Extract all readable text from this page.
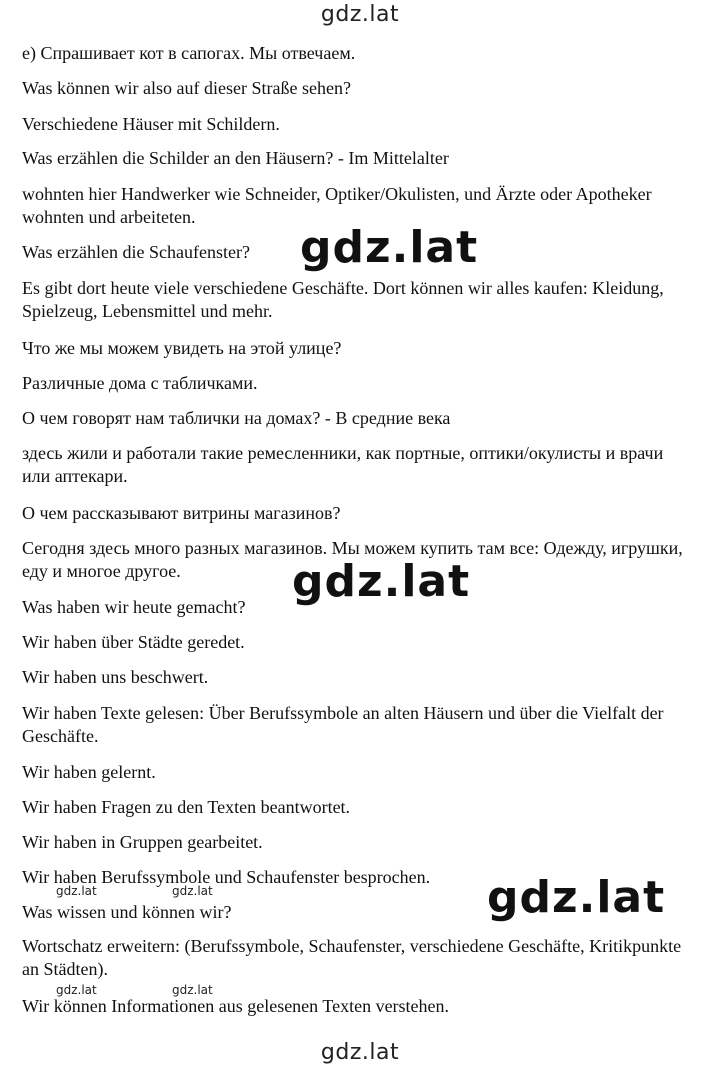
gdz.lat

е) Спрашивает кот в сапогах. Мы отвечаем.

Was können wir also auf dieser Straße sehen?

Verschiedene Häuser mit Schildern.

Was erzählen die Schilder an den Häusern? - Im Mittelalter

wohnten hier Handwerker wie Schneider, Optiker/Okulisten, und Ärzte oder Apotheker wohnten und arbeiteten.

Was erzählen die Schaufenster?

Es gibt dort heute viele verschiedene Geschäfte. Dort können wir alles kaufen: Kleidung, Spielzeug, Lebensmittel und mehr.

Что же мы можем увидеть на этой улице?

Различные дома с табличками.

О чем говорят нам таблички на домах? - В средние века

здесь жили и работали такие ремесленники, как портные, оптики/окулисты и врачи или аптекари.

О чем рассказывают витрины магазинов?

Сегодня здесь много разных магазинов. Мы можем купить там все: Одежду, игрушки, еду и многое другое.

Was haben wir heute gemacht?

Wir haben über Städte geredet.

Wir haben uns beschwert.

Wir haben Texte gelesen: Über Berufssymbole an alten Häusern und über die Vielfalt der Geschäfte.

Wir haben gelernt.

Wir haben Fragen zu den Texten beantwortet.

Wir haben in Gruppen gearbeitet.

Wir haben Berufssymbole und Schaufenster besprochen.

Was wissen und können wir?

Wortschatz erweitern: (Berufssymbole, Schaufenster, verschiedene Geschäfte, Kritikpunkte an Städten).

Wir können Informationen aus gelesenen Texten verstehen.

gdz.lat
gdz.lat
gdz.lat
gdz.lat	gdz.lat
gdz.lat	gdz.lat
gdz.lat
